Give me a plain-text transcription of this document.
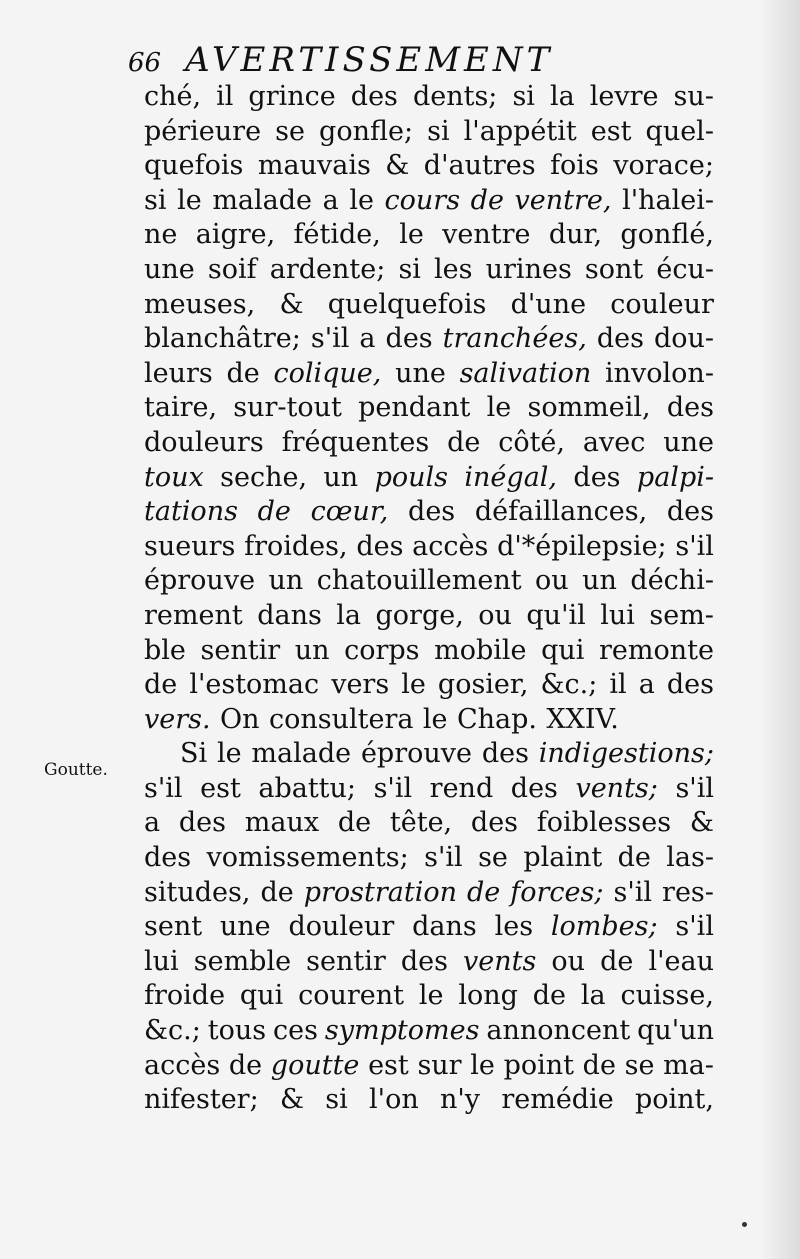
66 AVERTISSEMENT
Goutte.
ché, il grince des dents; si la levre su-
périeure se gonfle; si l'appétit est quel-
quefois mauvais & d'autres fois vorace;
si le malade a le cours de ventre, l'halei-
ne aigre, fétide, le ventre dur, gonflé,
une soif ardente; si les urines sont écu-
meuses, & quelquefois d'une couleur
blanchâtre; s'il a des tranchées, des dou-
leurs de colique, une salivation involon-
taire, sur-tout pendant le sommeil, des
douleurs fréquentes de côté, avec une
toux seche, un pouls inégal, des palpi-
tations de cœur, des défaillances, des
sueurs froides, des accès d'*épilepsie; s'il
éprouve un chatouillement ou un déchi-
rement dans la gorge, ou qu'il lui sem-
ble sentir un corps mobile qui remonte
de l'estomac vers le gosier, &c.; il a des
vers. On consultera le Chap. XXIV.
Si le malade éprouve des indigestions;
s'il est abattu; s'il rend des vents; s'il
a des maux de tête, des foiblesses &
des vomissements; s'il se plaint de las-
situdes, de prostration de forces; s'il res-
sent une douleur dans les lombes; s'il
lui semble sentir des vents ou de l'eau
froide qui courent le long de la cuisse,
&c.; tous ces symptomes annoncent qu'un
accès de goutte est sur le point de se ma-
nifester; & si l'on n'y remédie point,
